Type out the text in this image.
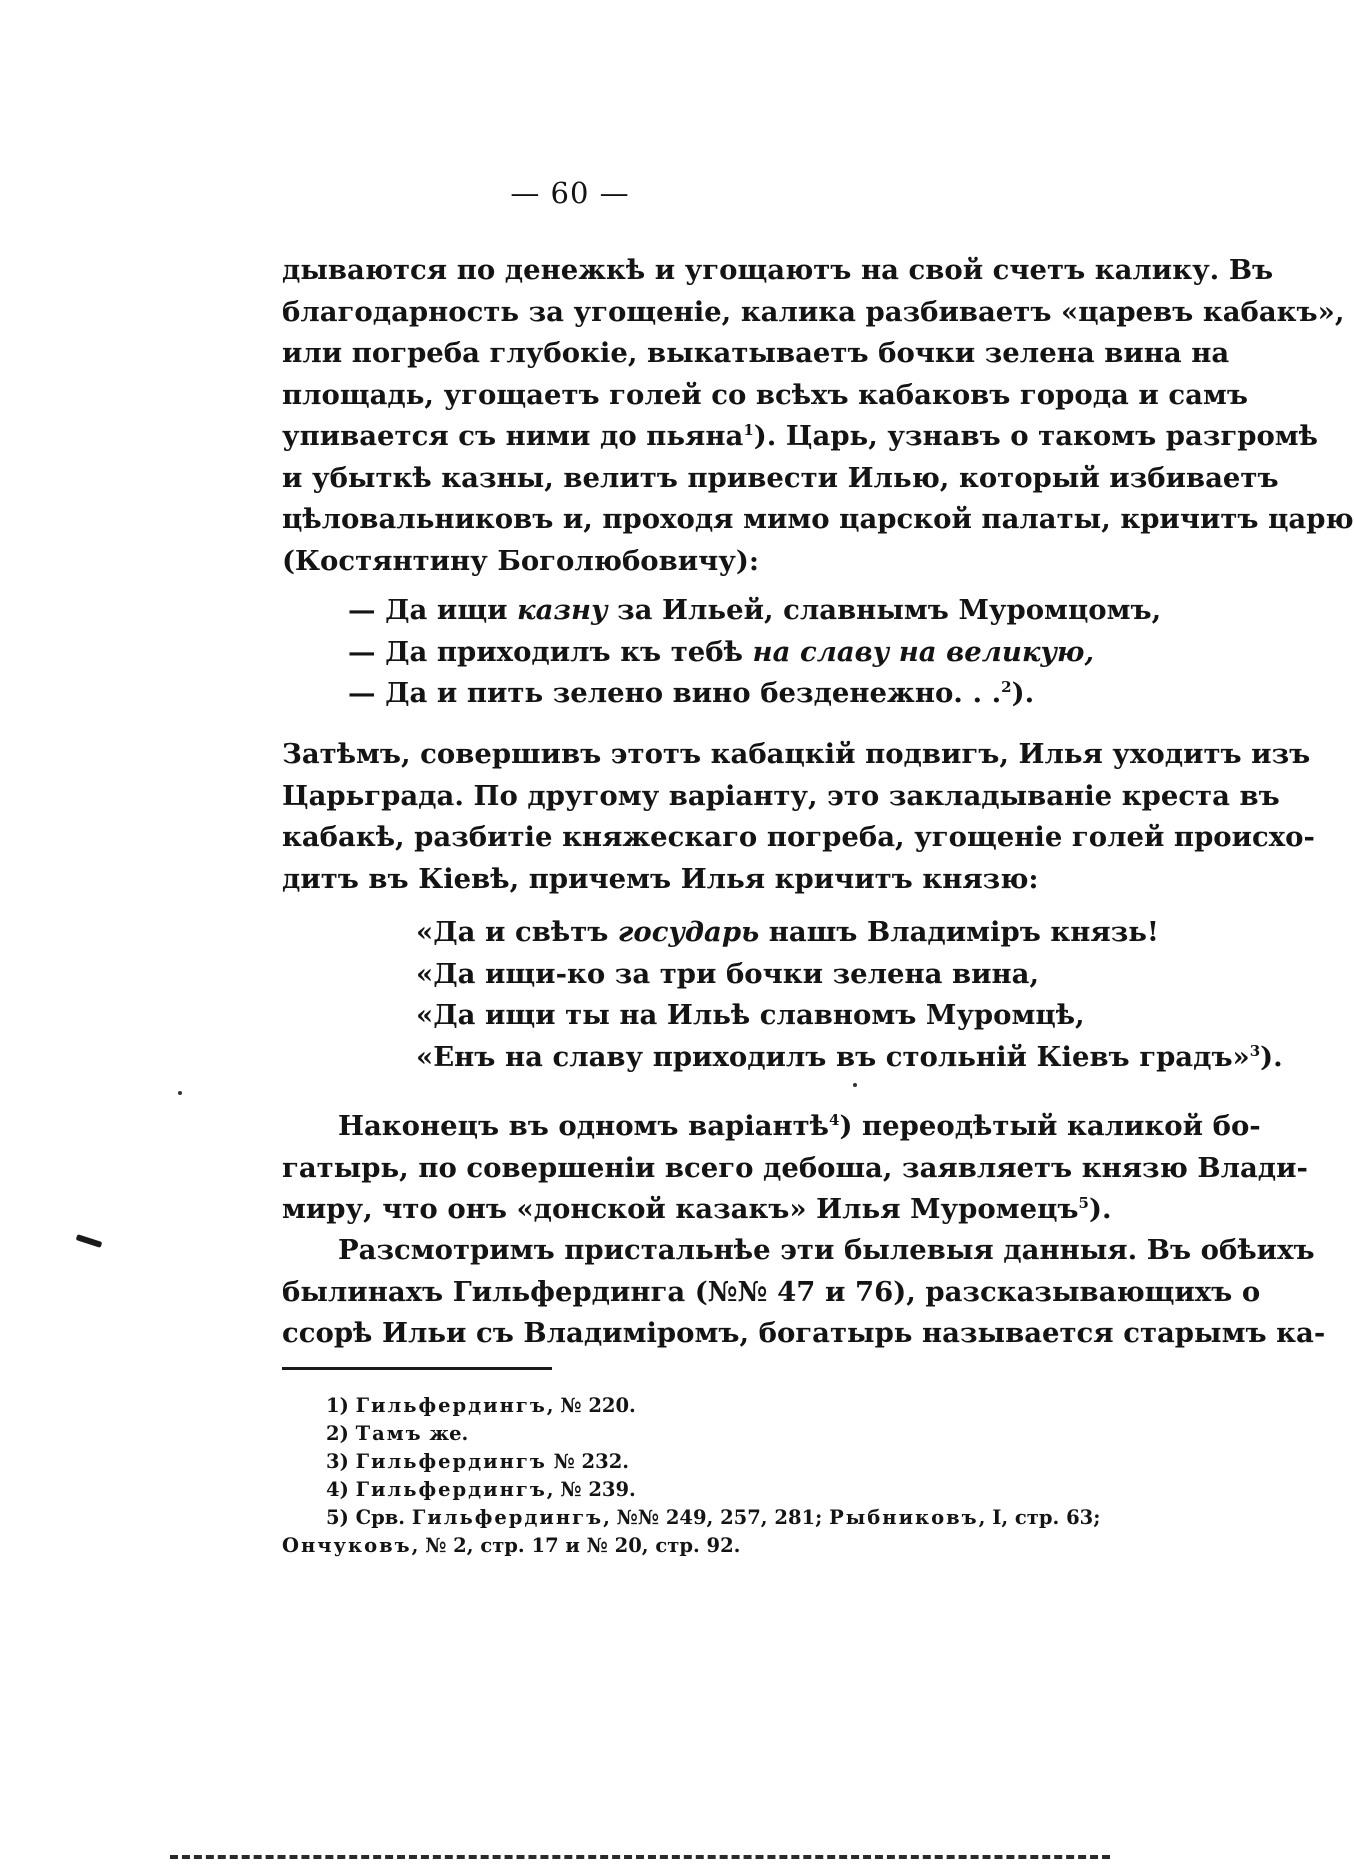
— 60 —

дываются по денежкѣ и угощаютъ на свой счетъ калику. Въ
благодарность за угощеніе, калика разбиваетъ «царевъ кабакъ»,
или погреба глубокіе, выкатываетъ бочки зелена вина на
площадь, угощаетъ голей со всѣхъ кабаковъ города и самъ
упивается съ ними до пьяна$^1$). Царь, узнавъ о такомъ разгромѣ
и убыткѣ казны, велитъ привести Илью, который избиваетъ
цѣловальниковъ и, проходя мимо царской палаты, кричитъ царю
(Костянтину Боголюбовичу):

— Да ищи казну за Ильей, славнымъ Муромцомъ,
— Да приходилъ къ тебѣ на славу на великую,
— Да и пить зелено вино безденежно. . .$^2$).

Затѣмъ, совершивъ этотъ кабацкій подвигъ, Илья уходитъ изъ
Царьграда. По другому варіанту, это закладываніе креста въ
кабакѣ, разбитіе княжескаго погреба, угощеніе голей происхо-
дитъ въ Кіевѣ, причемъ Илья кричитъ князю:

«Да и свѣтъ государь нашъ Владиміръ князь!
«Да ищи-ко за три бочки зелена вина,
«Да ищи ты на Ильѣ славномъ Муромцѣ,
«Енъ на славу приходилъ въ стольній Кіевъ градъ»$^3$).

Наконецъ въ одномъ варіантѣ$^4$) переодѣтый каликой бо-
гатырь, по совершеніи всего дебоша, заявляетъ князю Влади-
миру, что онъ «донской казакъ» Илья Муромецъ$^5$).

Разсмотримъ пристальнѣе эти былевыя данныя. Въ обѣихъ
былинахъ Гильфердинга (№№ 47 и 76), разсказывающихъ о
ссорѣ Ильи съ Владиміромъ, богатырь называется старымъ ка-

1) Гильфердингъ, № 220.
2) Тамъ же.
3) Гильфердингъ № 232.
4) Гильфердингъ, № 239.
5) Срв. Гильфердингъ, №№ 249, 257, 281; Рыбниковъ, I, стр. 63;
Ончуковъ, № 2, стр. 17 и № 20, стр. 92.
